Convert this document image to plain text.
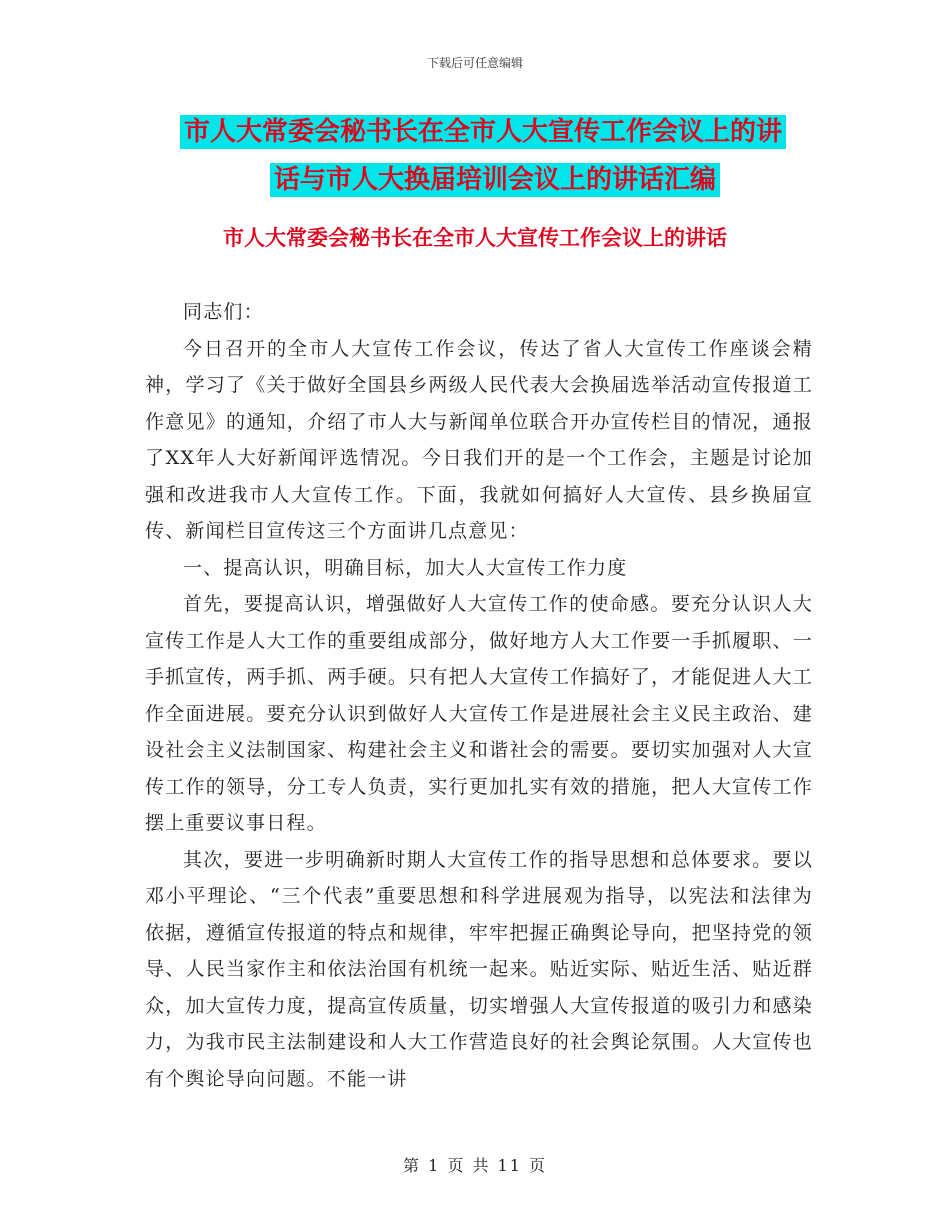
下载后可任意编辑
市人大常委会秘书长在全市人大宣传工作会议上的讲
话与市人大换届培训会议上的讲话汇编
市人大常委会秘书长在全市人大宣传工作会议上的讲话

同志们：

今日召开的全市人大宣传工作会议，传达了省人大宣传工作座谈会精神，学习了《关于做好全国县乡两级人民代表大会换届选举活动宣传报道工作意见》的通知，介绍了市人大与新闻单位联合开办宣传栏目的情况，通报了XX年人大好新闻评选情况。今日我们开的是一个工作会，主题是讨论加强和改进我市人大宣传工作。下面，我就如何搞好人大宣传、县乡换届宣传、新闻栏目宣传这三个方面讲几点意见：

一、提高认识，明确目标，加大人大宣传工作力度

首先，要提高认识，增强做好人大宣传工作的使命感。要充分认识人大宣传工作是人大工作的重要组成部分，做好地方人大工作要一手抓履职、一手抓宣传，两手抓、两手硬。只有把人大宣传工作搞好了，才能促进人大工作全面进展。要充分认识到做好人大宣传工作是进展社会主义民主政治、建设社会主义法制国家、构建社会主义和谐社会的需要。要切实加强对人大宣传工作的领导，分工专人负责，实行更加扎实有效的措施，把人大宣传工作摆上重要议事日程。

其次，要进一步明确新时期人大宣传工作的指导思想和总体要求。要以邓小平理论、“三个代表”重要思想和科学进展观为指导，以宪法和法律为依据，遵循宣传报道的特点和规律，牢牢把握正确舆论导向，把坚持党的领导、人民当家作主和依法治国有机统一起来。贴近实际、贴近生活、贴近群众，加大宣传力度，提高宣传质量，切实增强人大宣传报道的吸引力和感染力，为我市民主法制建设和人大工作营造良好的社会舆论氛围。人大宣传也有个舆论导向问题。不能一讲

第 1 页 共 11 页
